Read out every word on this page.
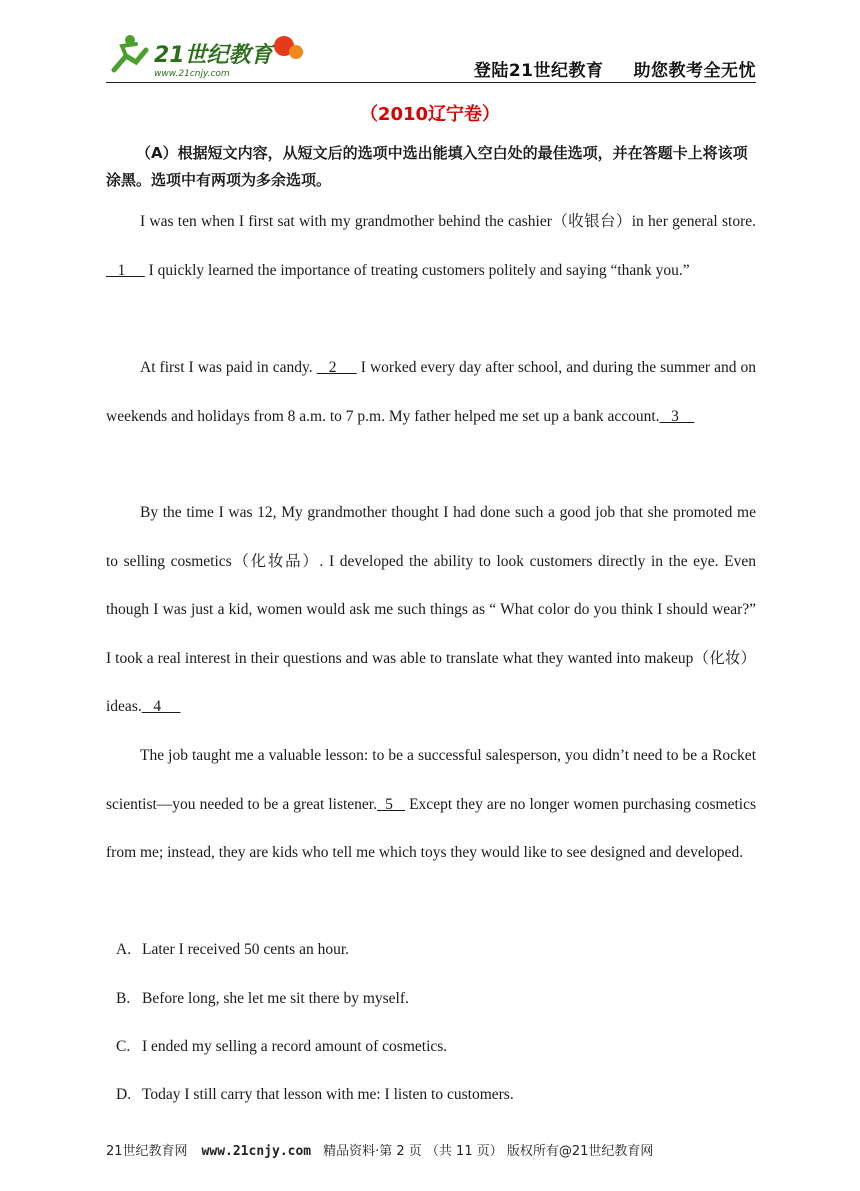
21世纪教育
www.21cnjy.com	登陆21世纪教育 助您教考全无忧
（2010辽宁卷）
（A）根据短文内容，从短文后的选项中选出能填入空白处的最佳选项，并在答题卡上将该项涂黑。选项中有两项为多余选项。
I was ten when I first sat with my grandmother behind the cashier（收银台）in her general store.   1      I quickly learned the importance of treating customers politely and saying “thank you.”
At first I was paid in candy.    2      I worked every day after school, and during the summer and on weekends and holidays from 8 a.m. to 7 p.m. My father helped me set up a bank account.   3
By the time I was 12, My grandmother thought I had done such a good job that she promoted me to selling cosmetics（化妆品）. I developed the ability to look customers directly in the eye. Even though I was just a kid, women would ask me such things as “ What color do you think I should wear?” I took a real interest in their questions and was able to translate what they wanted into makeup（化妆）ideas.   4
The job taught me a valuable lesson: to be a successful salesperson, you didn’t need to be a Rocket scientist—you needed to be a great listener.  5    Except they are no longer women purchasing cosmetics from me; instead, they are kids who tell me which toys they would like to see designed and developed.
A. Later I received 50 cents an hour.
B. Before long, she let me sit there by myself.
C. I ended my selling a record amount of cosmetics.
D. Today I still carry that lesson with me: I listen to customers.
21世纪教育网 www.21cnjy.com 精品资料·第 2 页 （共 11 页） 版权所有@21世纪教育网
